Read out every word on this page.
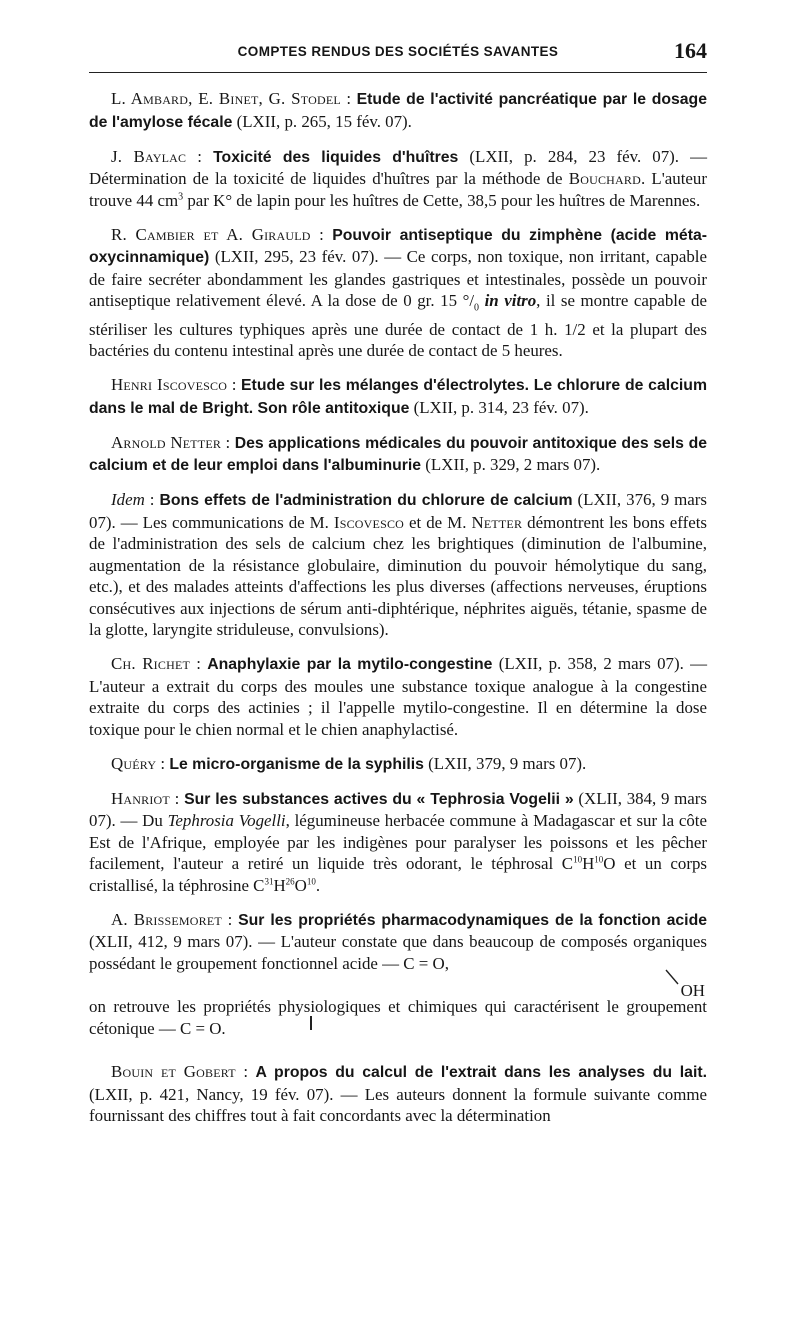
COMPTES RENDUS DES SOCIÉTÉS SAVANTES	164

L. Ambard, E. Binet, G. Stodel : Etude de l'activité pancréatique par le dosage de l'amylose fécale (LXII, p. 265, 15 fév. 07).

J. Baylac : Toxicité des liquides d'huîtres (LXII, p. 284, 23 fév. 07). — Détermination de la toxicité de liquides d'huîtres par la méthode de Bouchard. L'auteur trouve 44 $cm^3$ par K° de lapin pour les huîtres de Cette, 38,5 pour les huîtres de Marennes.

R. Cambier et A. Girauld : Pouvoir antiseptique du zimphène (acide méta-oxycinnamique) (LXII, 295, 23 fév. 07). — Ce corps, non toxique, non irritant, capable de faire secréter abondamment les glandes gastriques et intestinales, possède un pouvoir antiseptique relativement élevé. A la dose de 0 gr. 15 $^\circ/_0$ in vitro, il se montre capable de stériliser les cultures typhiques après une durée de contact de 1 h. 1/2 et la plupart des bactéries du contenu intestinal après une durée de contact de 5 heures.

Henri Iscovesco : Etude sur les mélanges d'électrolytes. Le chlorure de calcium dans le mal de Bright. Son rôle antitoxique (LXII, p. 314, 23 fév. 07).

Arnold Netter : Des applications médicales du pouvoir antitoxique des sels de calcium et de leur emploi dans l'albuminurie (LXII, p. 329, 2 mars 07).

Idem : Bons effets de l'administration du chlorure de calcium (LXII, 376, 9 mars 07). — Les communications de M. Iscovesco et de M. Netter démontrent les bons effets de l'administration des sels de calcium chez les brightiques (diminution de l'albumine, augmentation de la résistance globulaire, diminution du pouvoir hémolytique du sang, etc.), et des malades atteints d'affections les plus diverses (affections nerveuses, éruptions consécutives aux injections de sérum anti-diphtérique, néphrites aiguës, tétanie, spasme de la glotte, laryngite striduleuse, convulsions).

Ch. Richet : Anaphylaxie par la mytilo-congestine (LXII, p. 358, 2 mars 07). — L'auteur a extrait du corps des moules une substance toxique analogue à la congestine extraite du corps des actinies ; il l'appelle mytilo-congestine. Il en détermine la dose toxique pour le chien normal et le chien anaphylactisé.

Quéry : Le micro-organisme de la syphilis (LXII, 379, 9 mars 07).

Hanriot : Sur les substances actives du « Tephrosia Vogelii » (XLII, 384, 9 mars 07). — Du Tephrosia Vogelli, légumineuse herbacée commune à Madagascar et sur la côte Est de l'Afrique, employée par les indigènes pour paralyser les poissons et les pêcher facilement, l'auteur a retiré un liquide très odorant, le téphrosal $C^{10}H^{10}O$ et un corps cristallisé, la téphrosine $C^{31}H^{26}O^{10}$.

A. Brissemoret : Sur les propriétés pharmacodynamiques de la fonction acide (XLII, 412, 9 mars 07). — L'auteur constate que dans beaucoup de composés organiques possédant le groupement fonctionnel acide — C = O,
OH
on retrouve les propriétés physiologiques et chimiques qui caractérisent le groupement cétonique — C = O.

Bouin et Gobert : A propos du calcul de l'extrait dans les analyses du lait. (LXII, p. 421, Nancy, 19 fév. 07). — Les auteurs donnent la formule suivante comme fournissant des chiffres tout à fait concordants avec la détermination
